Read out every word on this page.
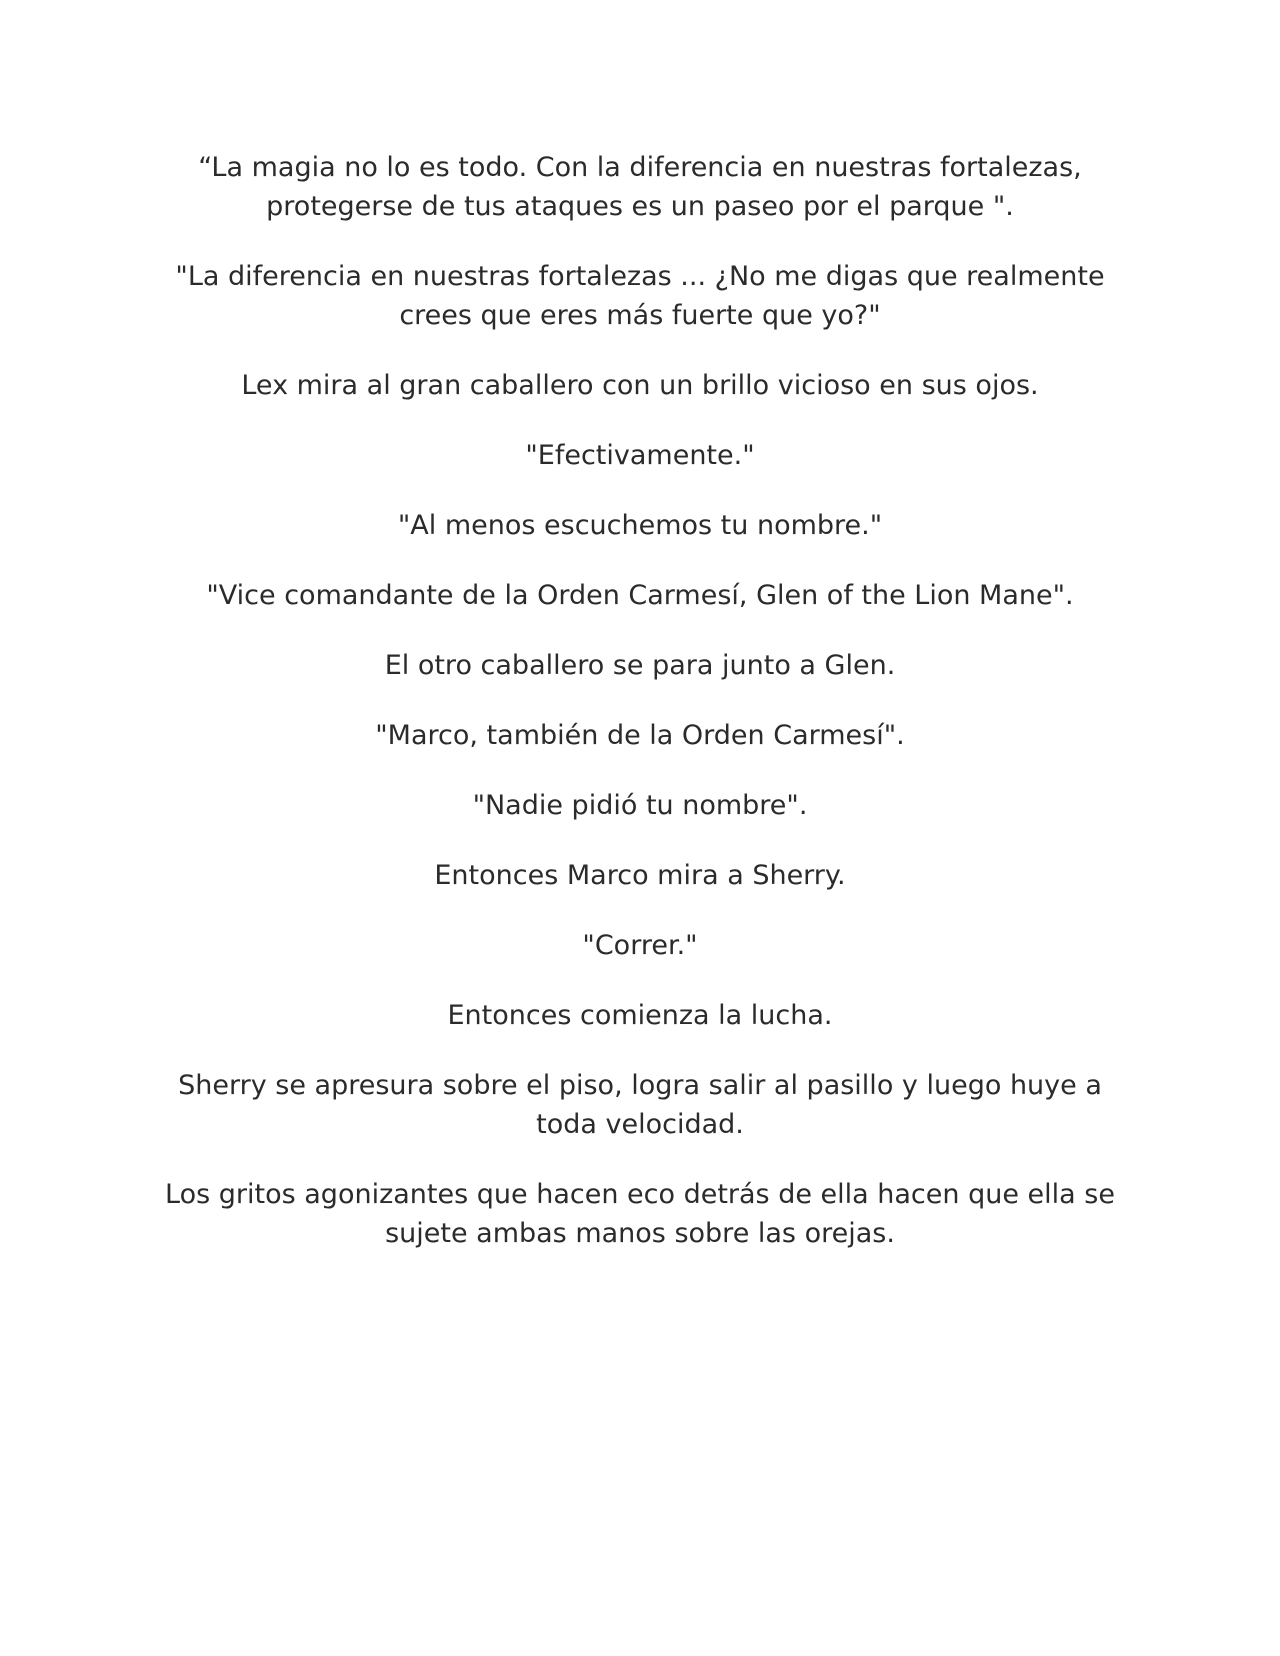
“La magia no lo es todo. Con la diferencia en nuestras fortalezas, protegerse de tus ataques es un paseo por el parque ".

"La diferencia en nuestras fortalezas ... ¿No me digas que realmente crees que eres más fuerte que yo?"

Lex mira al gran caballero con un brillo vicioso en sus ojos.

"Efectivamente."

"Al menos escuchemos tu nombre."

"Vice comandante de la Orden Carmesí, Glen of the Lion Mane".

El otro caballero se para junto a Glen.

"Marco, también de la Orden Carmesí".

"Nadie pidió tu nombre".

Entonces Marco mira a Sherry.

"Correr."

Entonces comienza la lucha.

Sherry se apresura sobre el piso, logra salir al pasillo y luego huye a toda velocidad.

Los gritos agonizantes que hacen eco detrás de ella hacen que ella se sujete ambas manos sobre las orejas.
